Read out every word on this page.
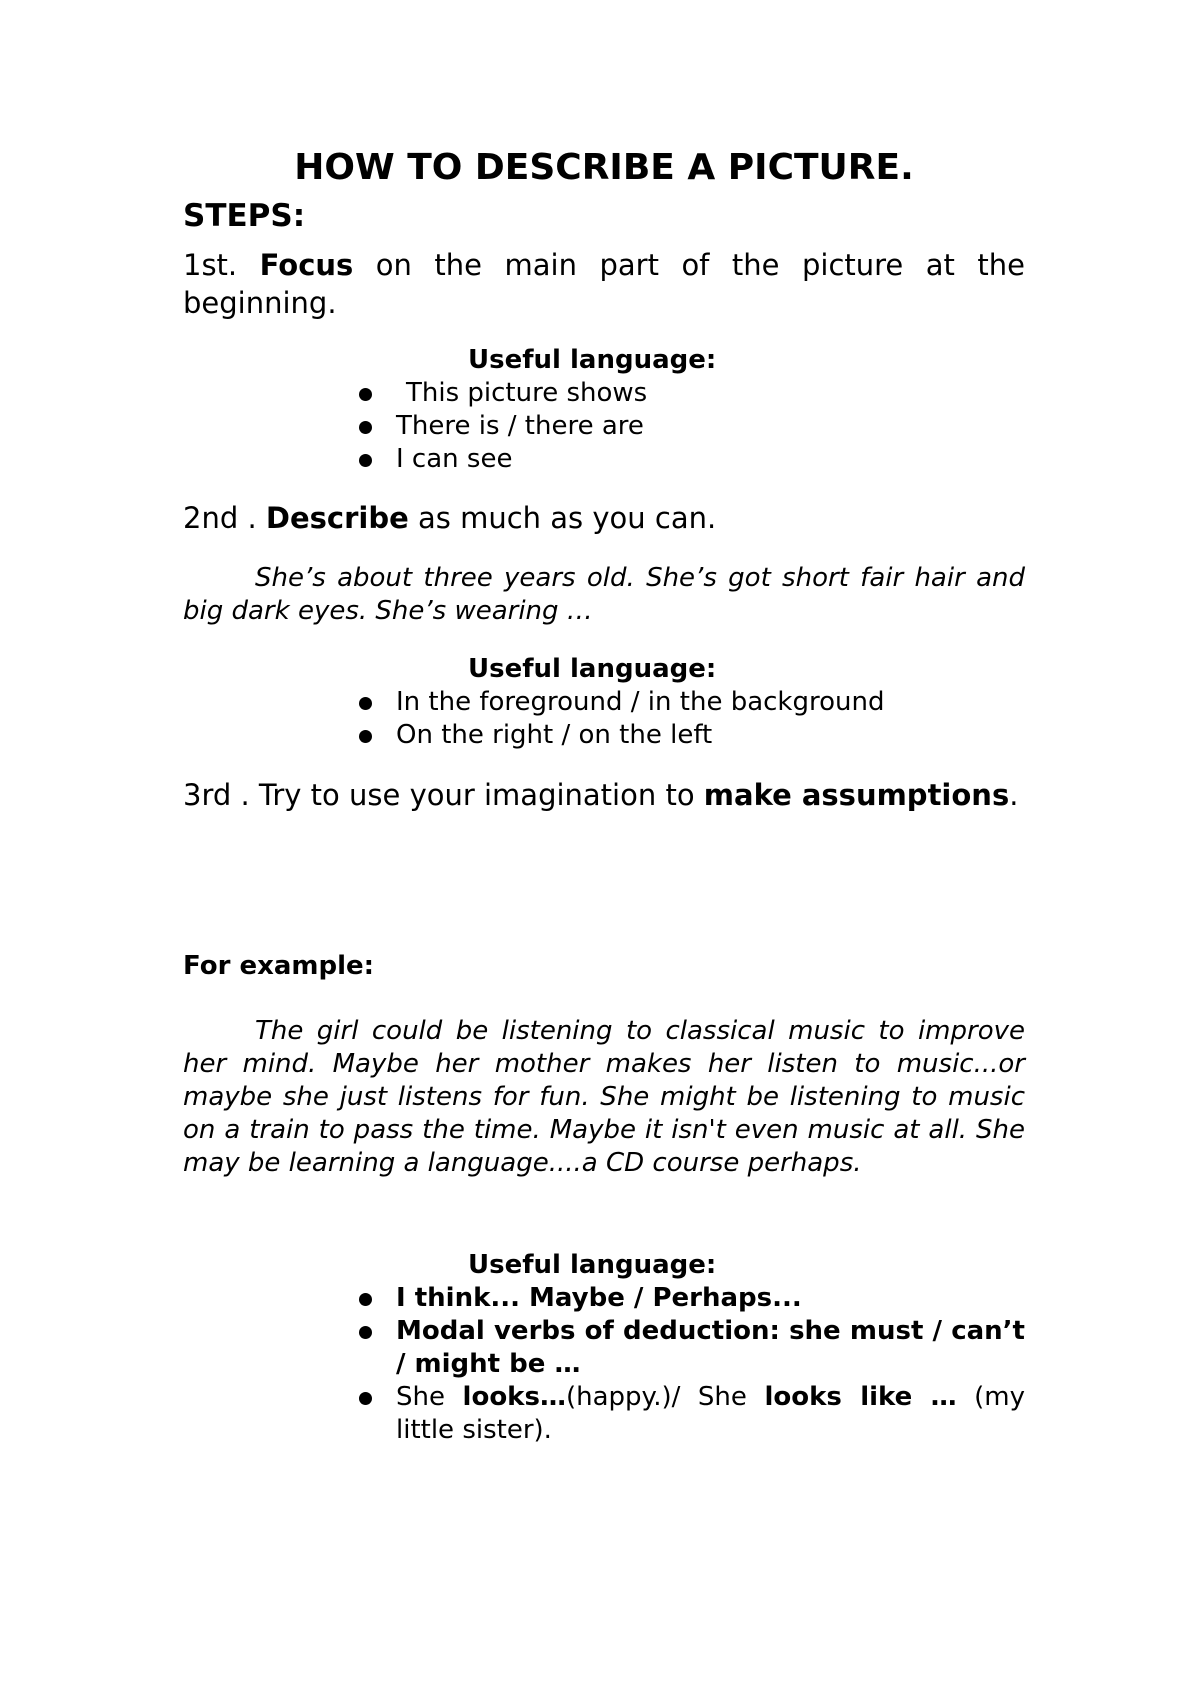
HOW TO DESCRIBE A PICTURE.
STEPS:
1st. Focus on the main part of the picture at the beginning.
Useful language:
This picture shows
There is / there are
I can see
2nd . Describe as much as you can.
She’s about three years old. She’s got short fair hair and big dark eyes. She’s wearing …
Useful language:
In the foreground / in the background
On the right / on the left
3rd . Try to use your imagination to make assumptions.
For example:
The girl could be listening to classical music to improve her mind. Maybe her mother makes her listen to music...or maybe she just listens for fun. She might be listening to music on a train to pass the time. Maybe it isn't even music at all. She may be learning a language....a CD course perhaps.
Useful language:
I think... Maybe / Perhaps...
Modal verbs of deduction: she must / can’t / might be …
She looks…(happy.)/ She looks like … (my little sister).
